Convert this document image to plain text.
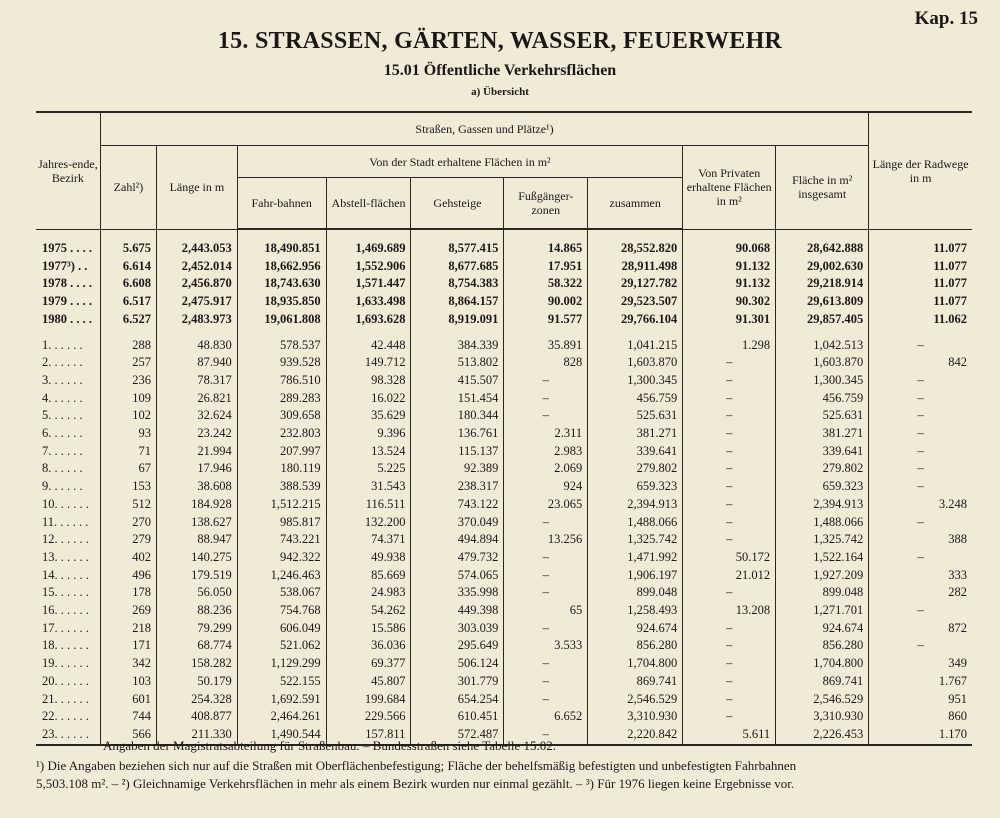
Kap. 15
15. STRASSEN, GÄRTEN, WASSER, FEUERWEHR
15.01 Öffentliche Verkehrsflächen
a) Übersicht
Jahres-ende, Bezirk	Straßen, Gassen und Plätze¹)									Länge der Radwege in m
	Zahl²)	Länge in m	Von der Stadt erhaltene Flächen in m²					Von Privaten erhaltene Flächen in m²	Fläche in m² insgesamt	
			Fahr-bahnen	Abstell-flächen	Gehsteige	Fußgänger-zonen	zusammen			

1975 . . . .	5.675	2,443.053	18,490.851	1,469.689	8,577.415	14.865	28,552.820	90.068	28,642.888	11.077
1977³) . .	6.614	2,452.014	18,662.956	1,552.906	8,677.685	17.951	28,911.498	91.132	29,002.630	11.077
1978 . . . .	6.608	2,456.870	18,743.630	1,571.447	8,754.383	58.322	29,127.782	91.132	29,218.914	11.077
1979 . . . .	6.517	2,475.917	18,935.850	1,633.498	8,864.157	90.002	29,523.507	90.302	29,613.809	11.077
1980 . . . .	6.527	2,483.973	19,061.808	1,693.628	8,919.091	91.577	29,766.104	91.301	29,857.405	11.062

1. . . . . .	288	48.830	578.537	42.448	384.339	35.891	1,041.215	1.298	1,042.513	–
2. . . . . .	257	87.940	939.528	149.712	513.802	828	1,603.870	–	1,603.870	842
3. . . . . .	236	78.317	786.510	98.328	415.507	–	1,300.345	–	1,300.345	–
4. . . . . .	109	26.821	289.283	16.022	151.454	–	456.759	–	456.759	–
5. . . . . .	102	32.624	309.658	35.629	180.344	–	525.631	–	525.631	–
6. . . . . .	93	23.242	232.803	9.396	136.761	2.311	381.271	–	381.271	–
7. . . . . .	71	21.994	207.997	13.524	115.137	2.983	339.641	–	339.641	–
8. . . . . .	67	17.946	180.119	5.225	92.389	2.069	279.802	–	279.802	–
9. . . . . .	153	38.608	388.539	31.543	238.317	924	659.323	–	659.323	–
10. . . . . .	512	184.928	1,512.215	116.511	743.122	23.065	2,394.913	–	2,394.913	3.248
11. . . . . .	270	138.627	985.817	132.200	370.049	–	1,488.066	–	1,488.066	–
12. . . . . .	279	88.947	743.221	74.371	494.894	13.256	1,325.742	–	1,325.742	388
13. . . . . .	402	140.275	942.322	49.938	479.732	–	1,471.992	50.172	1,522.164	–
14. . . . . .	496	179.519	1,246.463	85.669	574.065	–	1,906.197	21.012	1,927.209	333
15. . . . . .	178	56.050	538.067	24.983	335.998	–	899.048	–	899.048	282
16. . . . . .	269	88.236	754.768	54.262	449.398	65	1,258.493	13.208	1,271.701	–
17. . . . . .	218	79.299	606.049	15.586	303.039	–	924.674	–	924.674	872
18. . . . . .	171	68.774	521.062	36.036	295.649	3.533	856.280	–	856.280	–
19. . . . . .	342	158.282	1,129.299	69.377	506.124	–	1,704.800	–	1,704.800	349
20. . . . . .	103	50.179	522.155	45.807	301.779	–	869.741	–	869.741	1.767
21. . . . . .	601	254.328	1,692.591	199.684	654.254	–	2,546.529	–	2,546.529	951
22. . . . . .	744	408.877	2,464.261	229.566	610.451	6.652	3,310.930	–	3,310.930	860
23. . . . . .	566	211.330	1,490.544	157.811	572.487	–	2,220.842	5.611	2,226.453	1.170
Angaben der Magistratsabteilung für Straßenbau. – Bundesstraßen siehe Tabelle 15.02.
¹) Die Angaben beziehen sich nur auf die Straßen mit Oberflächenbefestigung; Fläche der behelfsmäßig befestigten und unbefestigten Fahrbahnen
5,503.108 m². – ²) Gleichnamige Verkehrsflächen in mehr als einem Bezirk wurden nur einmal gezählt. – ³) Für 1976 liegen keine Ergebnisse vor.
